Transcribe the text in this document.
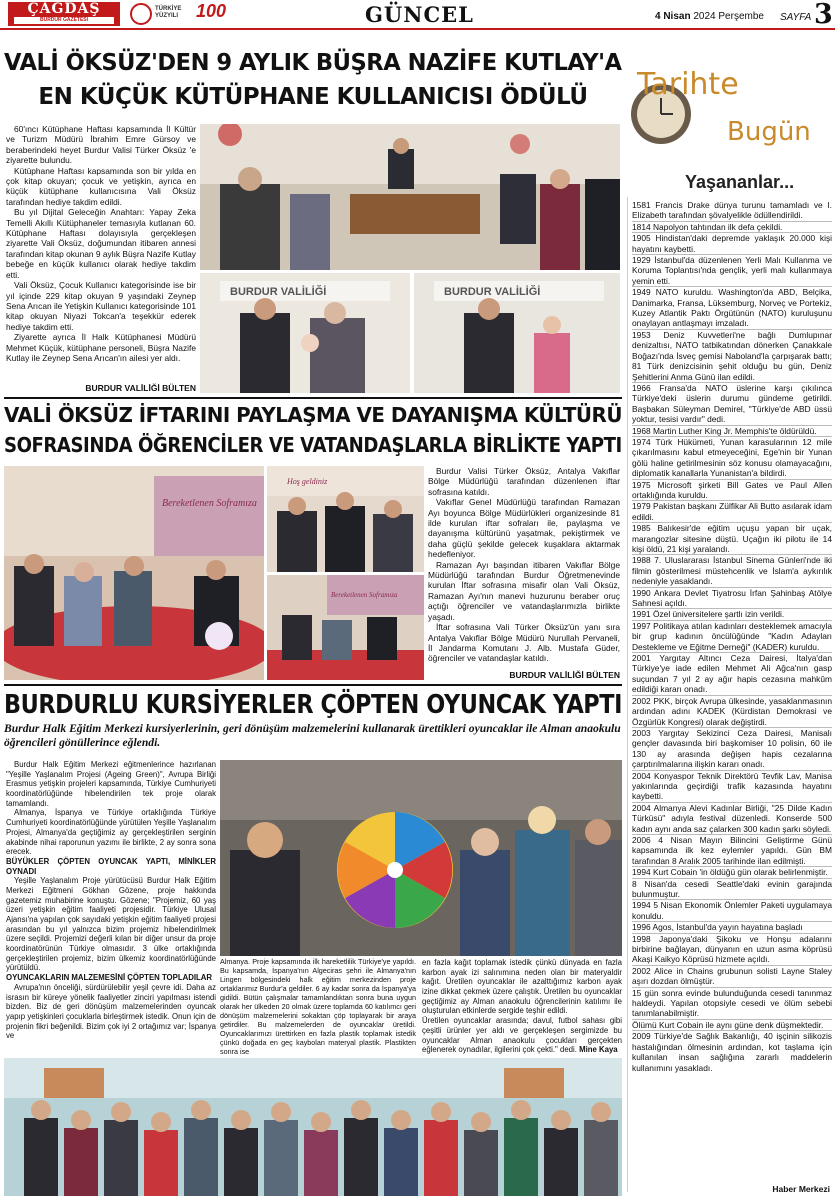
ÇAĞDAŞ
BURDUR GAZETESİ
TÜRKİYE YÜZYILI 100	GÜNCEL	4 Nisan 2024 Perşembe SAYFA 3
VALİ ÖKSÜZ'DEN 9 AYLIK BÜŞRA NAZİFE KUTLAY'A EN KÜÇÜK KÜTÜPHANE KULLANICISI ÖDÜLÜ

60'ıncı Kütüphane Haftası kapsamında İl Kültür ve Turizm Müdürü İbrahim Emre Gürsoy ve beraberindeki heyet Burdur Valisi Türker Öksüz 'e ziyarette bulundu.

Kütüphane Haftası kapsamında son bir yılda en çok kitap okuyan; çocuk ve yetişkin, ayrıca en küçük kütüphane kullanıcısına Vali Öksüz tarafından hediye takdim edildi.

Bu yıl Dijital Geleceğin Anahtarı: Yapay Zeka Temelli Akıllı Kütüphaneler temasıyla kutlanan 60. Kütüphane Haftası dolayısıyla gerçekleşen ziyarette Vali Öksüz, doğumundan itibaren annesi tarafından kitap okunan 9 aylık Büşra Nazife Kutlay bebeğe en küçük kullanıcı olarak hediye takdim etti.

Vali Öksüz, Çocuk Kullanıcı kategorisinde ise bir yıl içinde 229 kitap okuyan 9 yaşındaki Zeynep Sena Arıcan ile Yetişkin Kullanıcı kategorisinde 101 kitap okuyan Niyazi Tokcan'a teşekkür ederek hediye takdim etti.

Ziyarette ayrıca İl Halk Kütüphanesi Müdürü Mehmet Küçük, kütüphane personeli, Büşra Nazife Kutlay ile Zeynep Sena Arıcan'ın ailesi yer aldı.

BURDUR VALİLİĞİ BÜLTEN
BURDUR VALİLİĞİ	BURDUR VALİLİĞİ
VALİ ÖKSÜZ İFTARINI PAYLAŞMA VE DAYANIŞMA KÜLTÜRÜ SOFRASINDA ÖĞRENCİLER VE VATANDAŞLARLA BİRLİKTE YAPTI
Bereketlenen Soframıza
Hoş geldiniz
Bereketlenen Soframıza

Burdur Valisi Türker Öksüz, Antalya Vakıflar Bölge Müdürlüğü tarafından düzenlenen iftar sofrasına katıldı.

Vakıflar Genel Müdürlüğü tarafından Ramazan Ayı boyunca Bölge Müdürlükleri organizesinde 81 ilde kurulan iftar sofraları ile, paylaşma ve dayanışma kültürünü yaşatmak, pekiştirmek ve daha güçlü şekilde gelecek kuşaklara aktarmak hedefleniyor.

Ramazan Ayı başından itibaren Vakıflar Bölge Müdürlüğü tarafından Burdur Öğretmenevinde kurulan İftar sofrasına misafir olan Vali Öksüz, Ramazan Ayı'nın manevi huzurunu beraber oruç açtığı öğrenciler ve vatandaşlarımızla birlikte yaşadı.

İftar sofrasına Vali Türker Öksüz'ün yanı sıra Antalya Vakıflar Bölge Müdürü Nurullah Pervaneli, İl Jandarma Komutanı J. Alb. Mustafa Güder, öğrenciler ve vatandaşlar katıldı.

BURDUR VALİLİĞİ BÜLTEN
BURDURLU KURSİYERLER ÇÖPTEN OYUNCAK YAPTI
Burdur Halk Eğitim Merkezi kursiyerlerinin, geri dönüşüm malzemelerini kullanarak ürettikleri oyuncaklar ile Alman anaokulu öğrencileri gönüllerince eğlendi.

Burdur Halk Eğitim Merkezi eğitmenlerince hazırlanan "Yeşille Yaşlanalım Projesi (Ageing Green)", Avrupa Birliği Erasmus yetişkin projeleri kapsamında, Türkiye Cumhuriyeti koordinatörlüğünde hibelendirilen tek proje olarak tamamlandı.

Almanya, İspanya ve Türkiye ortaklığında Türkiye Cumhuriyeti koordinatörlüğünde yürütülen Yeşille Yaşlanalım Projesi, Almanya'da geçtiğimiz ay gerçekleştirilen serginin akabinde nihai raporunun yazımı ile birlikte, 2 ay sonra sona erecek.

BÜYÜKLER ÇÖPTEN OYUNCAK YAPTI, MİNİKLER OYNADI

Yeşille Yaşlanalım Proje yürütücüsü Burdur Halk Eğitim Merkezi Eğitmeni Gökhan Gözene, proje hakkında gazetemiz muhabirine konuştu. Gözene; "Projemiz, 60 yaş üzeri yetişkin eğitim faaliyeti projesidir. Türkiye Ulusal Ajansı'na yapılan çok sayıdaki yetişkin eğitim faaliyeti projesi arasından bu yıl yalnızca bizim projemiz hibelendirilmek üzere seçildi. Projemizi değerli kılan bir diğer unsur da proje koordinatörünün Türkiye olmasıdır. 3 ülke ortaklığında gerçekleştirilen projemiz, bizim ülkemiz koordinatörlüğünde yürütüldü.

OYUNCAKLARIN MALZEMESİNİ ÇÖPTEN TOPLADILAR

Avrupa'nın önceliği, sürdürülebilir yeşil çevre idi. Daha az israsın bir küreye yönelik faaliyetler zinciri yapılması istendi bizden. Biz de geri dönüşüm malzemelerinden oyuncak yapıp yetişkinleri çocuklarla birleştirmek istedik. Onun için de projenin fikri beğenildi. Bizim çok iyi 2 ortağımız var; İspanya ve

Almanya. Proje kapsamında ilk hareketlilik Türkiye'ye yapıldı. Bu kapsamda, İspanya'nın Algeciras şehri ile Almanya'nın Lingen bölgesindeki halk eğitim merkezinden proje ortaklarımız Burdur'a geldiler. 6 ay kadar sonra da İspanya'ya gidildi. Bütün çalışmalar tamamlandıktan sonra buna uygun olarak her ülkeden 20 olmak üzere toplamda 60 katılımcı geri dönüşüm malzemelerini sokaktan çöp toplayarak bir araya getirdiler. Bu malzemelerden de oyuncaklar üretildi. Oyuncaklarımızı ürettirken en fazla plastik toplamak istedik çünkü doğada en geç kaybolan materyal plastik. Plastikten sonra ise
en fazla kağıt toplamak istedik çünkü dünyada en fazla karbon ayak izi salınımına neden olan bir materyaldir kağıt. Üretilen oyuncaklar ile azalttığımız karbon ayak izine dikkat çekmek üzere çalıştık. Üretilen bu oyuncaklar geçtiğimiz ay Alman anaokulu öğrencilerinin katılımı ile oluşturulan etkinlerde sergide teşhir edildi.
Üretilen oyuncaklar arasında; davul, futbol sahası gibi çeşitli ürünler yer aldı ve gerçekleşen sergimizde bu oyuncaklar Alman anaokulu çocukları gerçekten eğlenerek oynadılar, ilgilerini çok çekti." dedi. Mine Kaya
Tarihte
Bugün
Yaşananlar...
1581 Francis Drake dünya turunu tamamladı ve I. Elizabeth tarafından şövalyelikle ödüllendirildi.
1814 Napolyon tahtından ilk defa çekildi.
1905 Hindistan'daki depremde yaklaşık 20.000 kişi hayatını kaybetti.
1929 İstanbul'da düzenlenen Yerli Malı Kullanma ve Koruma Toplantısı'nda gençlik, yerli malı kullanmaya yemin etti.
1949 NATO kuruldu. Washington'da ABD, Belçika, Danimarka, Fransa, Lüksemburg, Norveç ve Portekiz, Kuzey Atlantik Paktı Örgütünün (NATO) kuruluşunu onaylayan antlaşmayı imzaladı.
1953 Deniz Kuvvetleri'ne bağlı Dumlupınar denizaltısı, NATO tatbikatından dönerken Çanakkale Boğazı'nda İsveç gemisi Naboland'la çarpışarak battı; 81 Türk denizcisinin şehit olduğu bu gün, Deniz Şehitlerini Anma Günü ilan edildi.
1966 Fransa'da NATO üslerine karşı çıkılınca Türkiye'deki üslerin durumu gündeme getirildi. Başbakan Süleyman Demirel, "Türkiye'de ABD üssü yoktur, tesisi vardır" dedi.
1968 Martin Luther King Jr. Memphis'te öldürüldü.
1974 Türk Hükümeti, Yunan karasularının 12 mile çıkarılmasını kabul etmeyeceğini, Ege'nin bir Yunan gölü haline getirilmesinin söz konusu olamayacağını, diplomatik kanallarla Yunanistan'a bildirdi.
1975 Microsoft şirketi Bill Gates ve Paul Allen ortaklığında kuruldu.
1979 Pakistan başkanı Zülfikar Ali Butto asılarak idam edildi.
1985 Balıkesir'de eğitim uçuşu yapan bir uçak, marangozlar sitesine düştü. Uçağın iki pilotu ile 14 kişi öldü, 21 kişi yaralandı.
1988 7. Uluslararası İstanbul Sinema Günleri'nde iki filmin gösterilmesi müstehcenlik ve İslam'a aykırılık nedeniyle yasaklandı.
1990 Ankara Devlet Tiyatrosu İrfan Şahinbaş Atölye Sahnesi açıldı.
1991 Özel üniversitelere şartlı izin verildi.
1997 Politikaya atılan kadınları desteklemek amacıyla bir grup kadının öncülüğünde "Kadın Adayları Destekleme ve Eğitme Derneği" (KADER) kuruldu.
2001 Yargıtay Altıncı Ceza Dairesi, İtalya'dan Türkiye'ye iade edilen Mehmet Ali Ağca'nın gasp suçundan 7 yıl 2 ay ağır hapis cezasına mahkûm edildiği kararı onadı.
2002 PKK, birçok Avrupa ülkesinde, yasaklanmasının ardından adını KADEK (Kürdistan Demokrasi ve Özgürlük Kongresi) olarak değiştirdi.
2003 Yargıtay Sekizinci Ceza Dairesi, Manisalı gençler davasında biri başkomiser 10 polisin, 60 ile 130 ay arasında değişen hapis cezalarına çarptırılmalarına ilişkin kararı onadı.
2004 Konyaspor Teknik Direktörü Tevfik Lav, Manisa yakınlarında geçirdiği trafik kazasında hayatını kaybetti.
2004 Almanya Alevi Kadınlar Birliği, "25 Dilde Kadın Türküsü" adıyla festival düzenledi. Konserde 500 kadın aynı anda saz çalarken 300 kadın şarkı söyledi.
2006 4 Nisan Mayın Bilincini Geliştirme Günü kapsamında ilk kez eylemler yapıldı. Gün BM tarafından 8 Aralık 2005 tarihinde ilan edilmişti.
1994 Kurt Cobain 'in öldüğü gün olarak belirlenmiştir.
8 Nisan'da cesedi Seattle'daki evinin garajında bulunmuştur.
1994 5 Nisan Ekonomik Önlemler Paketi uygulamaya konuldu.
1996 Agos, İstanbul'da yayın hayatına başladı
1998 Japonya'daki Şikoku ve Honşu adalarını birbirine bağlayan, dünyanın en uzun asma köprüsü Akaşi Kaikyo Köprüsü hizmete açıldı.
2002 Alice in Chains grubunun solisti Layne Staley aşırı dozdan ölmüştür.
15 gün sonra evinde bulunduğunda cesedi tanınmaz haldeydi. Yapılan otopsiyle cesedi ve ölüm sebebi tanımlanabilmiştir.
Ölümü Kurt Cobain ile aynı güne denk düşmektedir.
2009 Türkiye'de Sağlık Bakanlığı, 40 işçinin silikozis hastalığından ölmesinin ardından, kot taşlama için kullanılan insan sağlığına zararlı maddelerin kullanımını yasakladı.
Haber Merkezi
